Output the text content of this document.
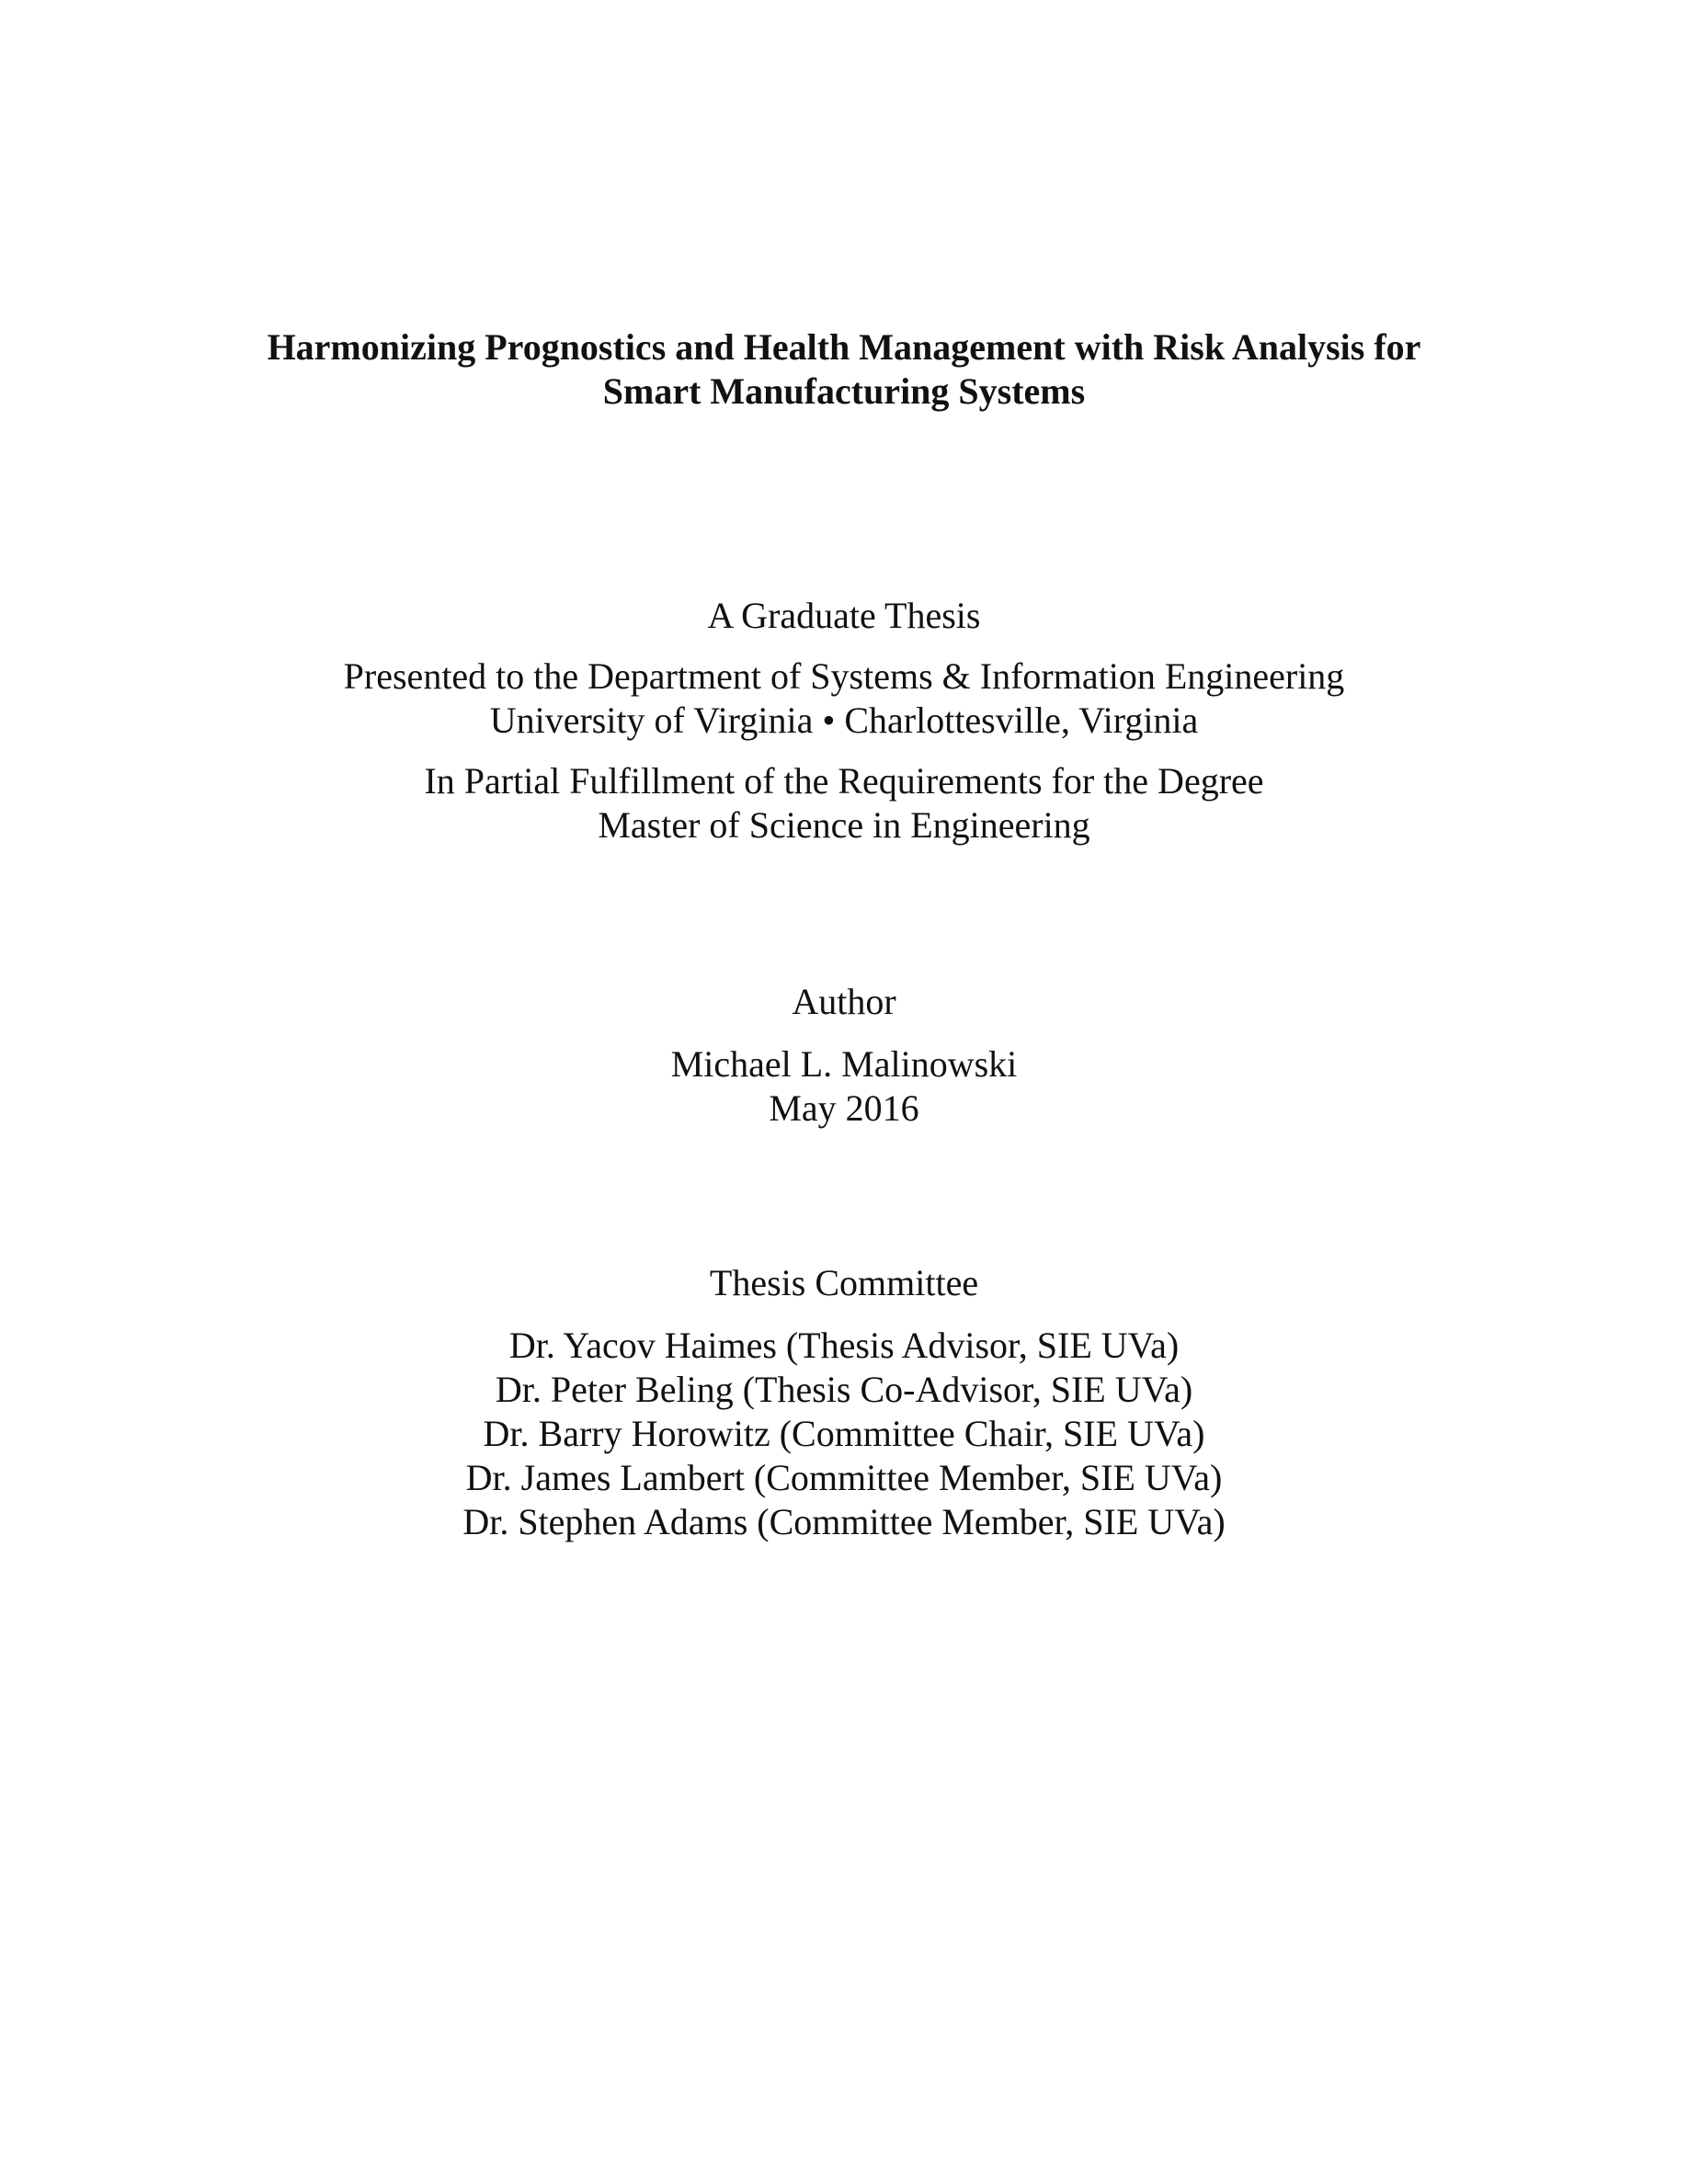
Harmonizing Prognostics and Health Management with Risk Analysis for
Smart Manufacturing Systems
A Graduate Thesis
Presented to the Department of Systems & Information Engineering
University of Virginia • Charlottesville, Virginia
In Partial Fulfillment of the Requirements for the Degree
Master of Science in Engineering
Author
Michael L. Malinowski
May 2016
Thesis Committee
Dr. Yacov Haimes (Thesis Advisor, SIE UVa)
Dr. Peter Beling (Thesis Co-Advisor, SIE UVa)
Dr. Barry Horowitz (Committee Chair, SIE UVa)
Dr. James Lambert (Committee Member, SIE UVa)
Dr. Stephen Adams (Committee Member, SIE UVa)
